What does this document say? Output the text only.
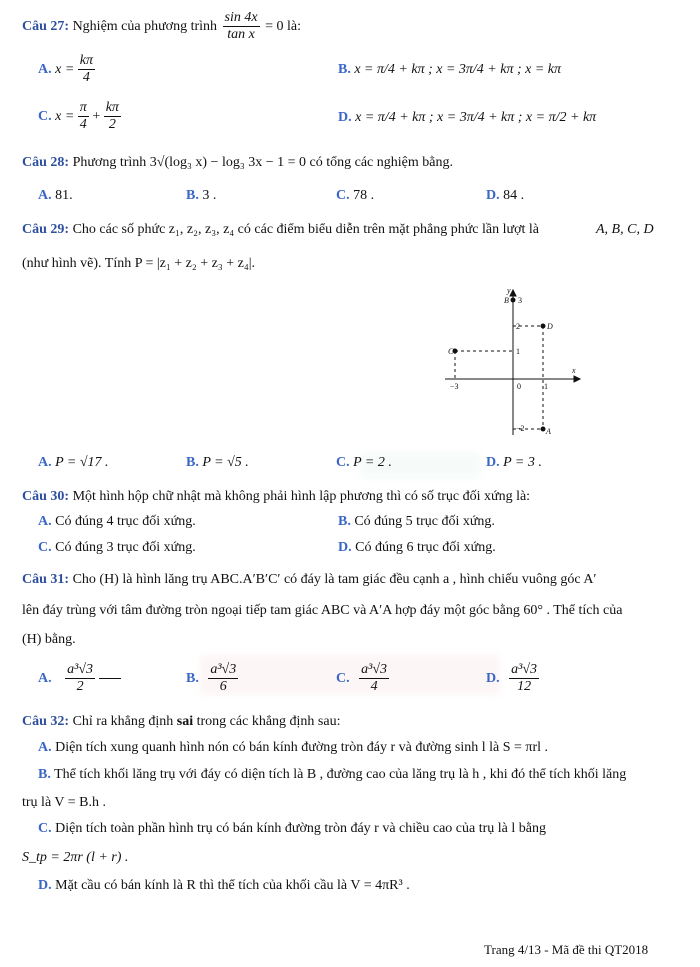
Câu 27: Nghiệm của phương trình $\frac{\sin 4x}{\text{tan x}} = 0$ là:
A. $x = \frac{k\pi}{4}$	B. x = π/4 + kπ ; x = 3π/4 + kπ ; x = kπ
C. $x = \frac{\pi}{4} + \frac{k\pi}{2}$	D. x = π/4 + kπ ; x = 3π/4 + kπ ; x = π/2 + kπ
Câu 28: Phương trình 3√(log₃ x) − log₃ 3x − 1 = 0 có tổng các nghiệm bằng.
A. 81.	B. 3 .	C. 78 .	D. 84 .
Câu 29: Cho các số phức z₁, z₂, z₃, z₄ có các điểm biểu diễn trên mặt phẳng phức lần lượt là	A, B, C, D
(như hình vẽ). Tính P = |z₁ + z₂ + z₃ + z₄|.
y
x
B 3
2	D
C	1
−3	0	1
−2	A
A. P = √17 .	B. P = √5 .	C. P = 2 .	D. P = 3 .
Câu 30: Một hình hộp chữ nhật mà không phải hình lập phương thì có số trục đối xứng là:
A. Có đúng 4 trục đối xứng.	B. Có đúng 5 trục đối xứng.
C. Có đúng 3 trục đối xứng.	D. Có đúng 6 trục đối xứng.
Câu 31: Cho (H) là hình lăng trụ ABC.A′B′C′ có đáy là tam giác đều cạnh a , hình chiếu vuông góc A′
lên đáy trùng với tâm đường tròn ngoại tiếp tam giác ABC và A′A hợp đáy một góc bằng 60° . Thể tích của
(H) bằng.
A. $\frac{\text{a³√3}}{2}$
	B. $\frac{\text{a³√3}}{6}$	C. $\frac{\text{a³√3}}{4}$	D. $\frac{\text{a³√3}}{12}$
Câu 32: Chỉ ra khẳng định sai trong các khẳng định sau:
A. Diện tích xung quanh hình nón có bán kính đường tròn đáy r và đường sinh l là S = πrl .
B. Thể tích khối lăng trụ với đáy có diện tích là B , đường cao của lăng trụ là h , khi đó thể tích khối lăng
trụ là V = B.h .
C. Diện tích toàn phần hình trụ có bán kính đường tròn đáy r và chiều cao của trụ là l bằng
S_tp = 2πr (l + r) .
D. Mặt cầu có bán kính là R thì thể tích của khối cầu là V = 4πR³ .
Trang 4/13 - Mã đề thi QT2018
